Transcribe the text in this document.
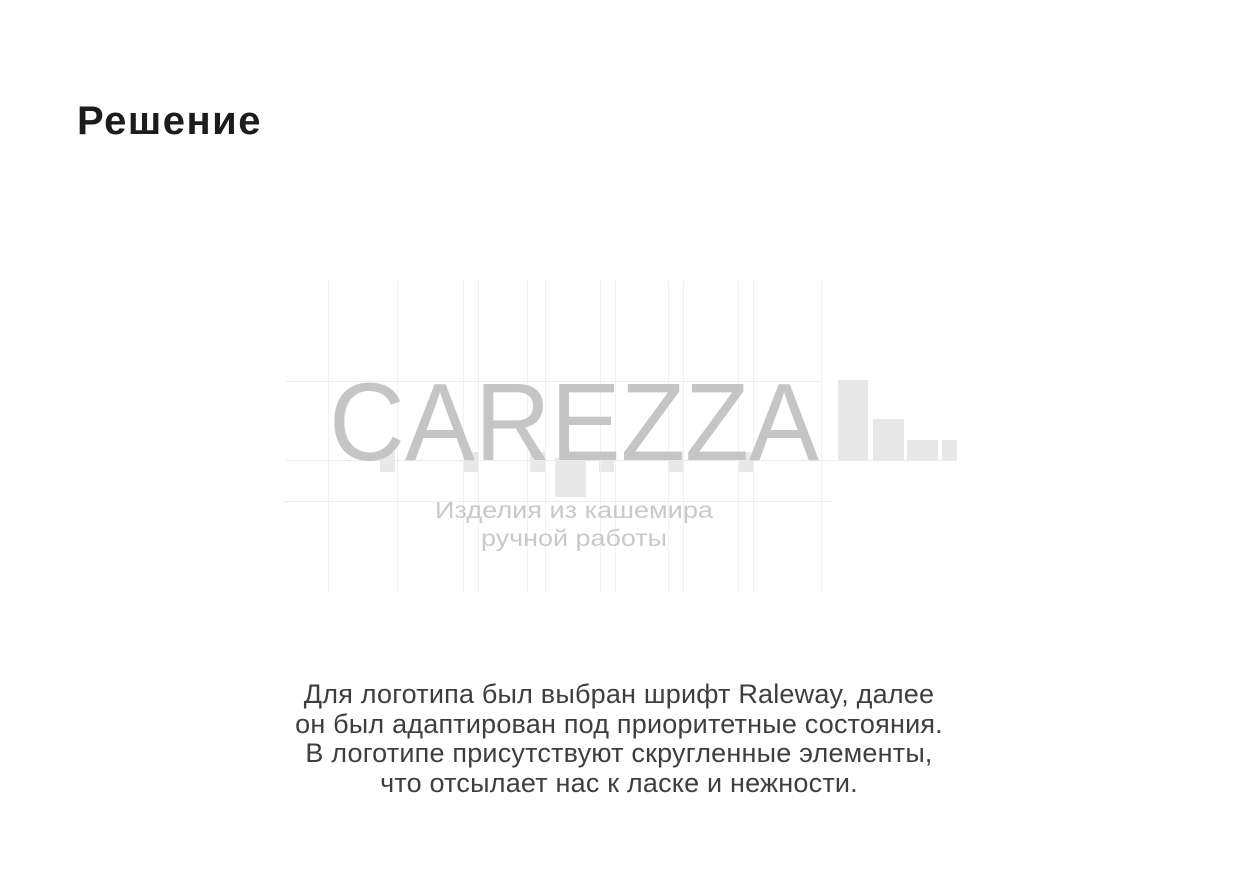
Решение
CAREZZA
Изделия из кашемира
ручной работы
Для логотипа был выбран шрифт Raleway, далее
он был адаптирован под приоритетные состояния.
В логотипе присутствуют скругленные элементы,
что отсылает нас к ласке и нежности.
